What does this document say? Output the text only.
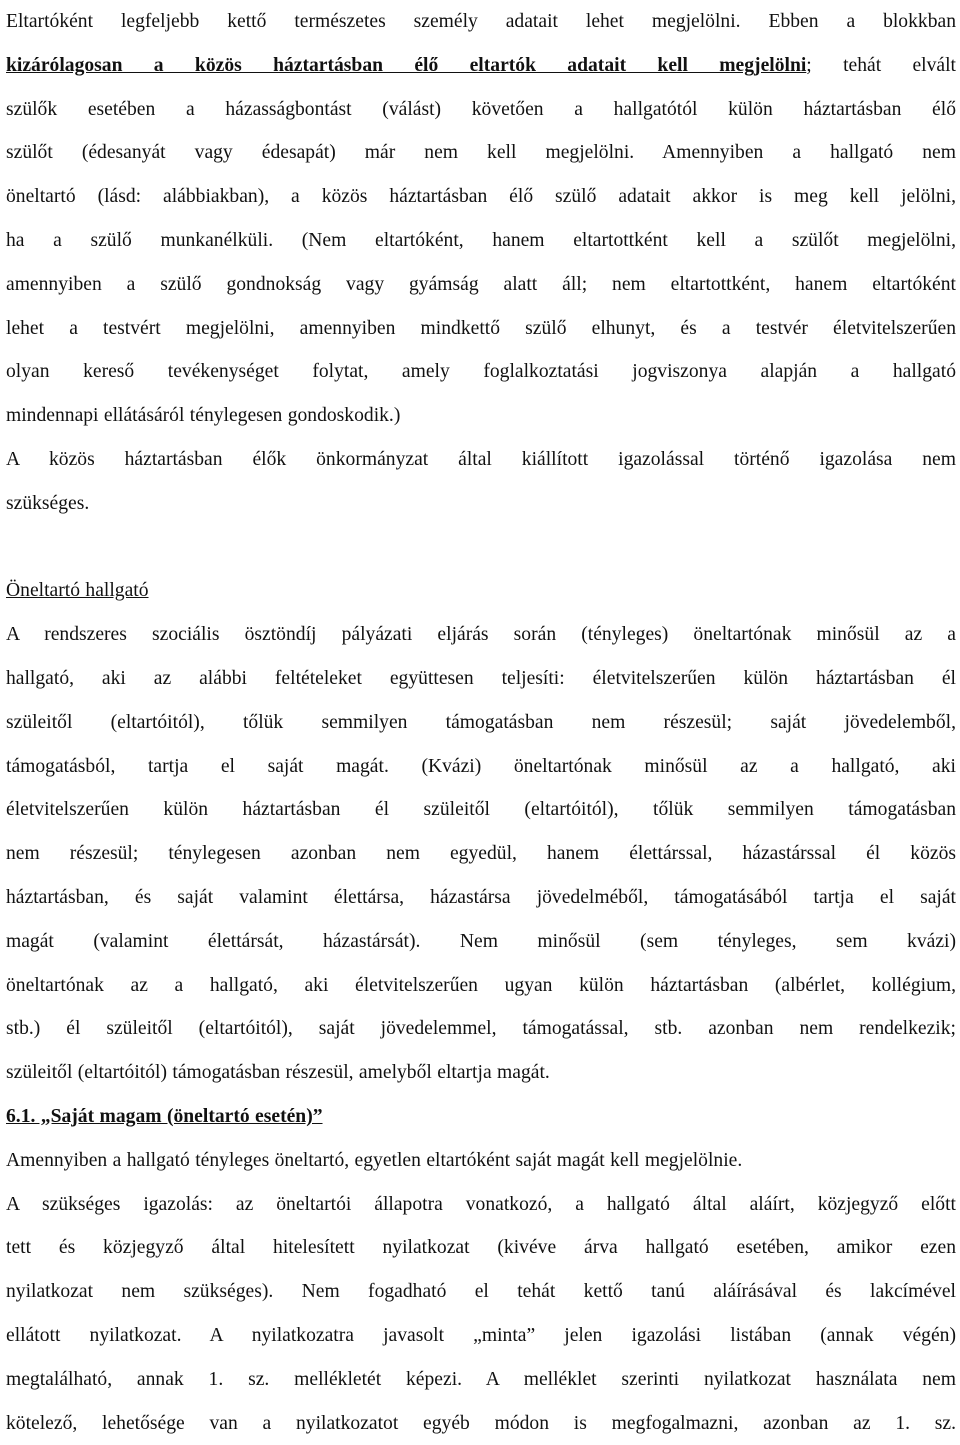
Eltartóként legfeljebb kettő természetes személy adatait lehet megjelölni. Ebben a blokkban
kizárólagosan a közös háztartásban élő eltartók adatait kell megjelölni; tehát elvált
szülők esetében a házasságbontást (válást) követően a hallgatótól külön háztartásban élő
szülőt (édesanyát vagy édesapát) már nem kell megjelölni. Amennyiben a hallgató nem
öneltartó (lásd: alábbiakban), a közös háztartásban élő szülő adatait akkor is meg kell jelölni,
ha a szülő munkanélküli. (Nem eltartóként, hanem eltartottként kell a szülőt megjelölni,
amennyiben a szülő gondnokság vagy gyámság alatt áll; nem eltartottként, hanem eltartóként
lehet a testvért megjelölni, amennyiben mindkettő szülő elhunyt, és a testvér életvitelszerűen
olyan kereső tevékenységet folytat, amely foglalkoztatási jogviszonya alapján a hallgató
mindennapi ellátásáról ténylegesen gondoskodik.)
A közös háztartásban élők önkormányzat által kiállított igazolással történő igazolása nem
szükséges.
Öneltartó hallgató
A rendszeres szociális ösztöndíj pályázati eljárás során (tényleges) öneltartónak minősül az a
hallgató, aki az alábbi feltételeket együttesen teljesíti: életvitelszerűen külön háztartásban él
szüleitől (eltartóitól), tőlük semmilyen támogatásban nem részesül; saját jövedelemből,
támogatásból, tartja el saját magát. (Kvázi) öneltartónak minősül az a hallgató, aki
életvitelszerűen külön háztartásban él szüleitől (eltartóitól), tőlük semmilyen támogatásban
nem részesül; ténylegesen azonban nem egyedül, hanem élettárssal, házastárssal él közös
háztartásban, és saját valamint élettársa, házastársa jövedelméből, támogatásából tartja el saját
magát (valamint élettársát, házastársát). Nem minősül (sem tényleges, sem kvázi)
öneltartónak az a hallgató, aki életvitelszerűen ugyan külön háztartásban (albérlet, kollégium,
stb.) él szüleitől (eltartóitól), saját jövedelemmel, támogatással, stb. azonban nem rendelkezik;
szüleitől (eltartóitól) támogatásban részesül, amelyből eltartja magát.
6.1. „Saját magam (öneltartó esetén)”
Amennyiben a hallgató tényleges öneltartó, egyetlen eltartóként saját magát kell megjelölnie.
A szükséges igazolás: az öneltartói állapotra vonatkozó, a hallgató által aláírt, közjegyző előtt
tett és közjegyző által hitelesített nyilatkozat (kivéve árva hallgató esetében, amikor ezen
nyilatkozat nem szükséges). Nem fogadható el tehát kettő tanú aláírásával és lakcímével
ellátott nyilatkozat. A nyilatkozatra javasolt „minta” jelen igazolási listában (annak végén)
megtalálható, annak 1. sz. mellékletét képezi. A melléklet szerinti nyilatkozat használata nem
kötelező, lehetősége van a nyilatkozatot egyéb módon is megfogalmazni, azonban az 1. sz.
